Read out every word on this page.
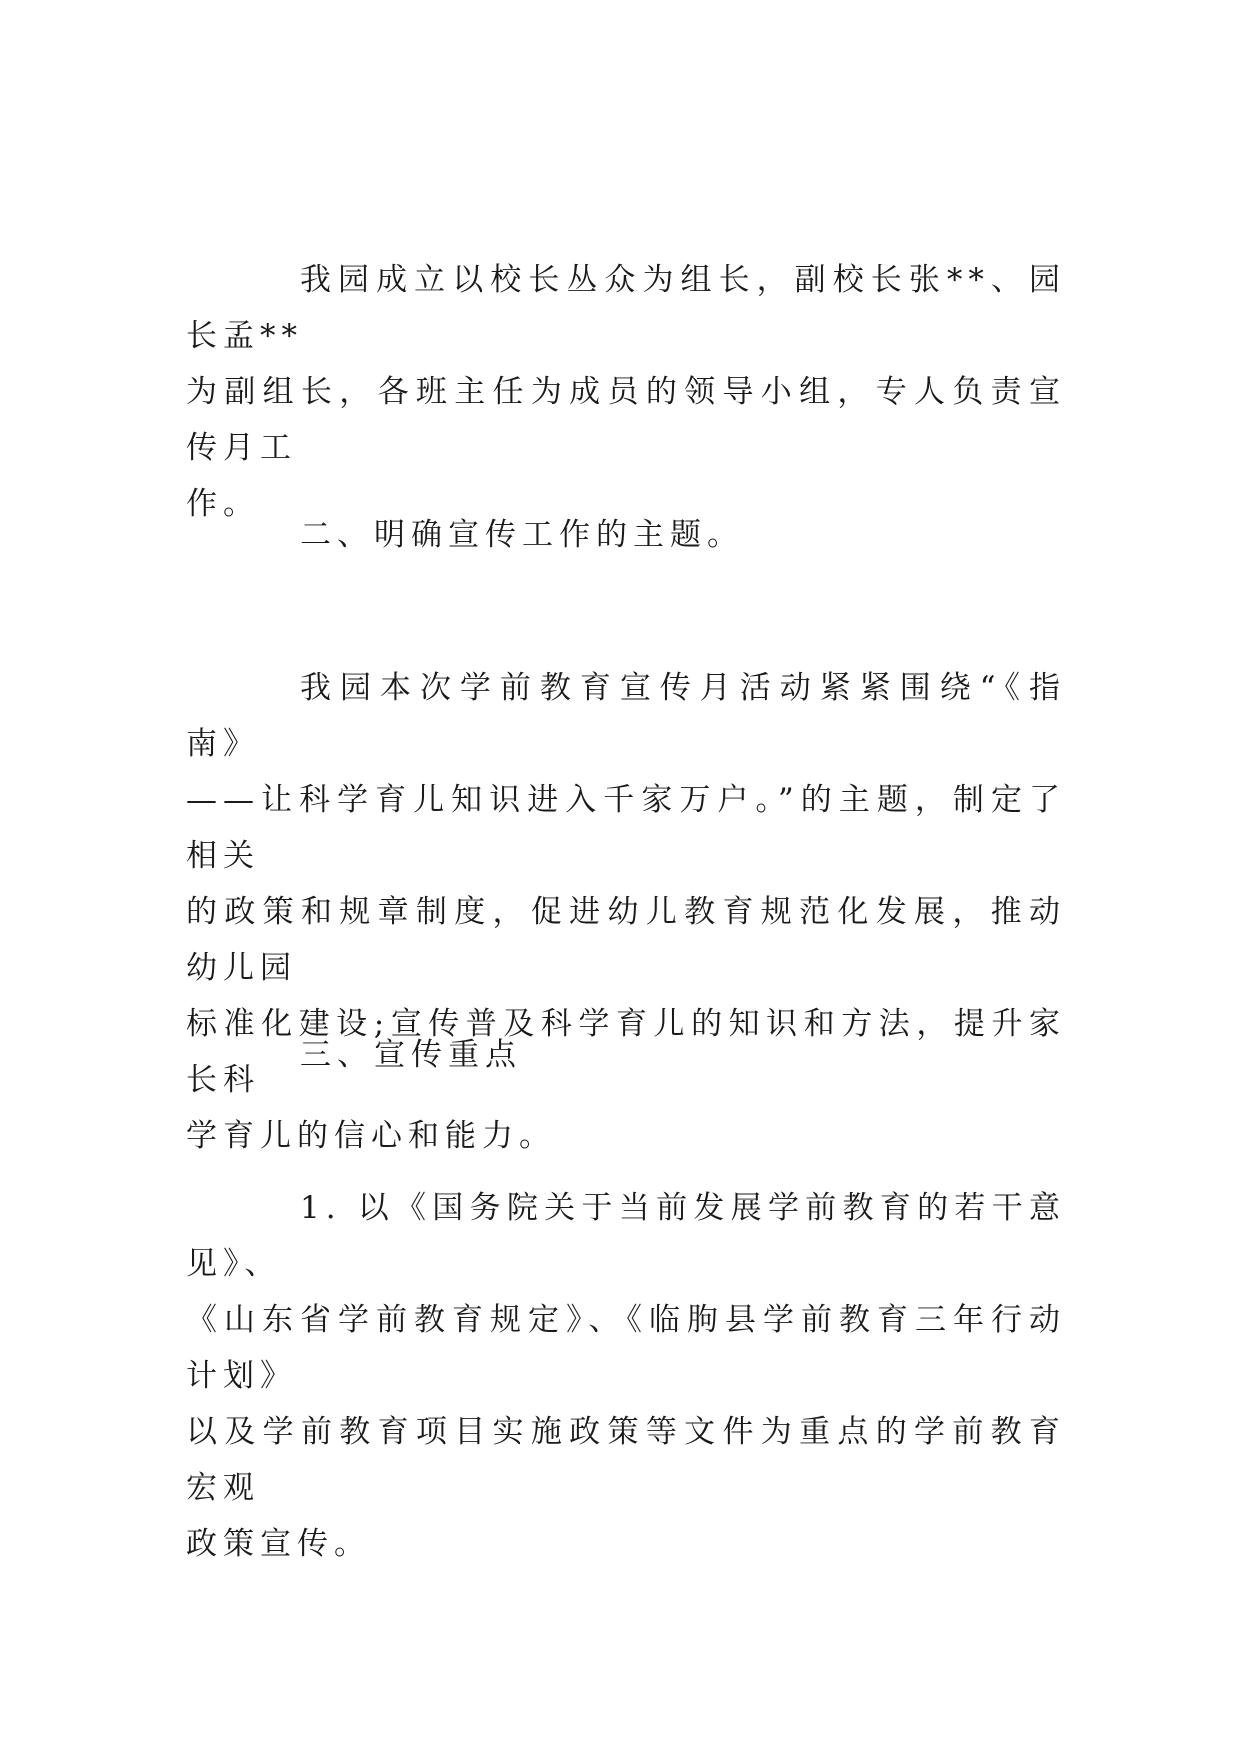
我园成立以校长丛众为组长，副校长张**、园长孟**
为副组长，各班主任为成员的领导小组，专人负责宣传月工
作。

二、明确宣传工作的主题。

我园本次学前教育宣传月活动紧紧围绕“《指南》
——让科学育儿知识进入千家万户。”的主题，制定了相关
的政策和规章制度，促进幼儿教育规范化发展，推动幼儿园
标准化建设;宣传普及科学育儿的知识和方法，提升家长科
学育儿的信心和能力。

三、宣传重点

1. 以《国务院关于当前发展学前教育的若干意见》、
《山东省学前教育规定》、《临朐县学前教育三年行动计划》
以及学前教育项目实施政策等文件为重点的学前教育宏观
政策宣传。
